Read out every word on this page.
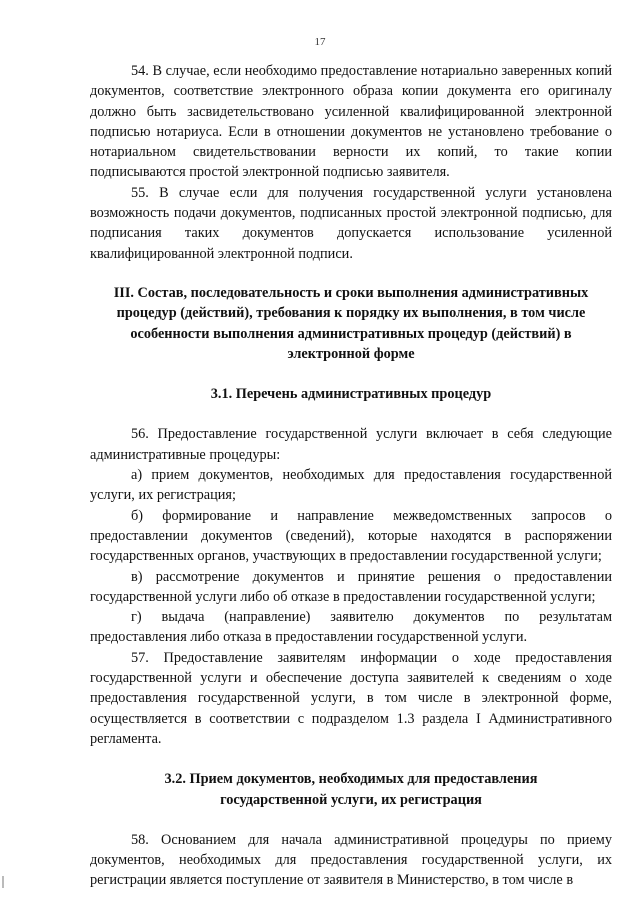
17

54. В случае, если необходимо предоставление нотариально заверенных копий документов, соответствие электронного образа копии документа его оригиналу должно быть засвидетельствовано усиленной квалифицированной электронной подписью нотариуса. Если в отношении документов не установлено требование о нотариальном свидетельствовании верности их копий, то такие копии подписываются простой электронной подписью заявителя.

55. В случае если для получения государственной услуги установлена возможность подачи документов, подписанных простой электронной подписью, для подписания таких документов допускается использование усиленной квалифицированной электронной подписи.

III. Состав, последовательность и сроки выполнения административных процедур (действий), требования к порядку их выполнения, в том числе особенности выполнения административных процедур (действий) в электронной форме

3.1. Перечень административных процедур

56. Предоставление государственной услуги включает в себя следующие административные процедуры:

а) прием документов, необходимых для предоставления государственной услуги, их регистрация;

б) формирование и направление межведомственных запросов о предоставлении документов (сведений), которые находятся в распоряжении государственных органов, участвующих в предоставлении государственной услуги;

в) рассмотрение документов и принятие решения о предоставлении государственной услуги либо об отказе в предоставлении государственной услуги;

г) выдача (направление) заявителю документов по результатам предоставления либо отказа в предоставлении государственной услуги.

57. Предоставление заявителям информации о ходе предоставления государственной услуги и обеспечение доступа заявителей к сведениям о ходе предоставления государственной услуги, в том числе в электронной форме, осуществляется в соответствии с подразделом 1.3 раздела I Административного регламента.

3.2. Прием документов, необходимых для предоставления
государственной услуги, их регистрация

58. Основанием для начала административной процедуры по приему документов, необходимых для предоставления государственной услуги, их регистрации является поступление от заявителя в Министерство, в том числе в
